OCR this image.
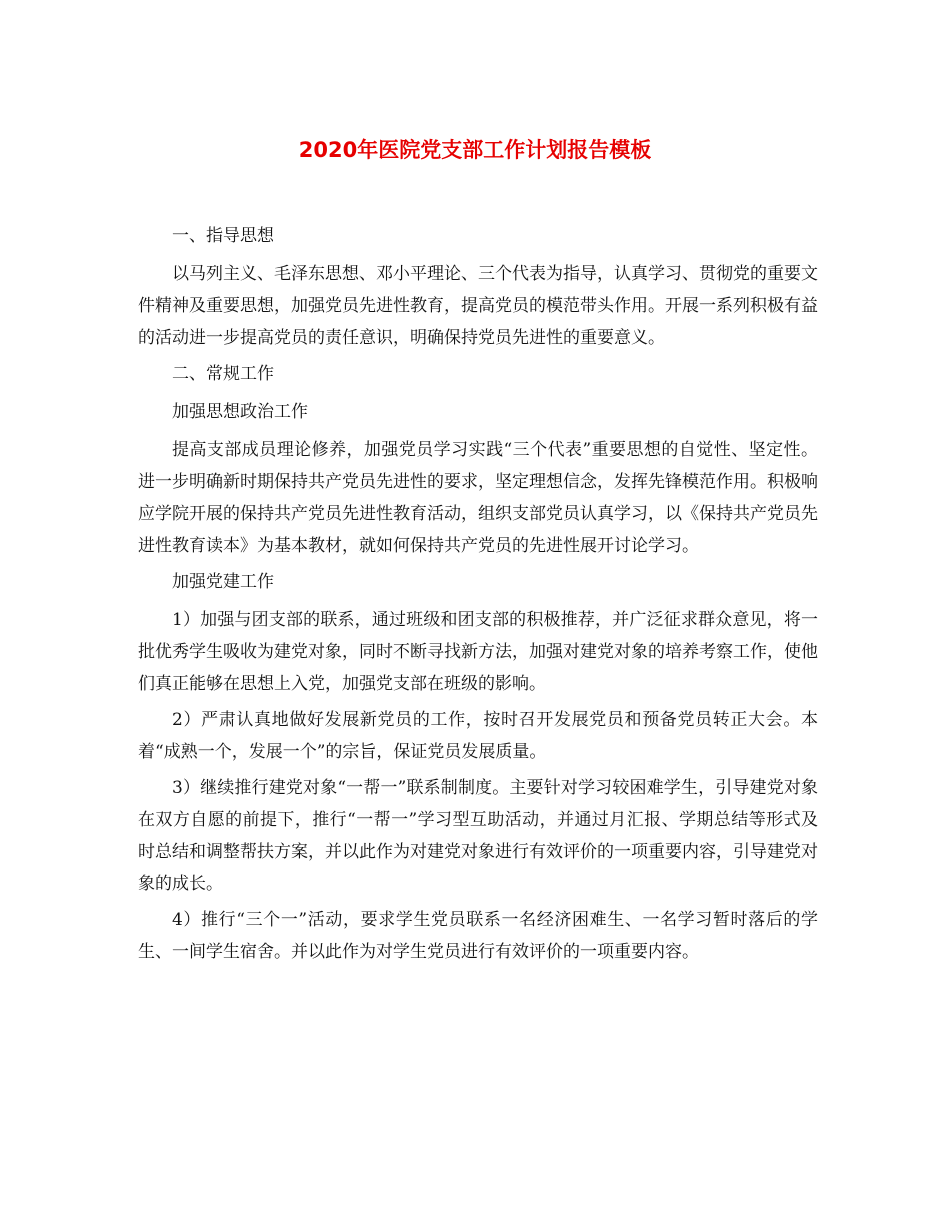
2020年医院党支部工作计划报告模板

一、指导思想

以马列主义、毛泽东思想、邓小平理论、三个代表为指导，认真学习、贯彻党的重要文件精神及重要思想，加强党员先进性教育，提高党员的模范带头作用。开展一系列积极有益的活动进一步提高党员的责任意识，明确保持党员先进性的重要意义。

二、常规工作

加强思想政治工作

提高支部成员理论修养，加强党员学习实践“三个代表”重要思想的自觉性、坚定性。进一步明确新时期保持共产党员先进性的要求，坚定理想信念，发挥先锋模范作用。积极响应学院开展的保持共产党员先进性教育活动，组织支部党员认真学习，以《保持共产党员先进性教育读本》为基本教材，就如何保持共产党员的先进性展开讨论学习。

加强党建工作

1）加强与团支部的联系，通过班级和团支部的积极推荐，并广泛征求群众意见，将一批优秀学生吸收为建党对象，同时不断寻找新方法，加强对建党对象的培养考察工作，使他们真正能够在思想上入党，加强党支部在班级的影响。

2）严肃认真地做好发展新党员的工作，按时召开发展党员和预备党员转正大会。本着“成熟一个，发展一个”的宗旨，保证党员发展质量。

3）继续推行建党对象“一帮一”联系制制度。主要针对学习较困难学生，引导建党对象在双方自愿的前提下，推行“一帮一”学习型互助活动，并通过月汇报、学期总结等形式及时总结和调整帮扶方案，并以此作为对建党对象进行有效评价的一项重要内容，引导建党对象的成长。

4）推行“三个一”活动，要求学生党员联系一名经济困难生、一名学习暂时落后的学生、一间学生宿舍。并以此作为对学生党员进行有效评价的一项重要内容。
